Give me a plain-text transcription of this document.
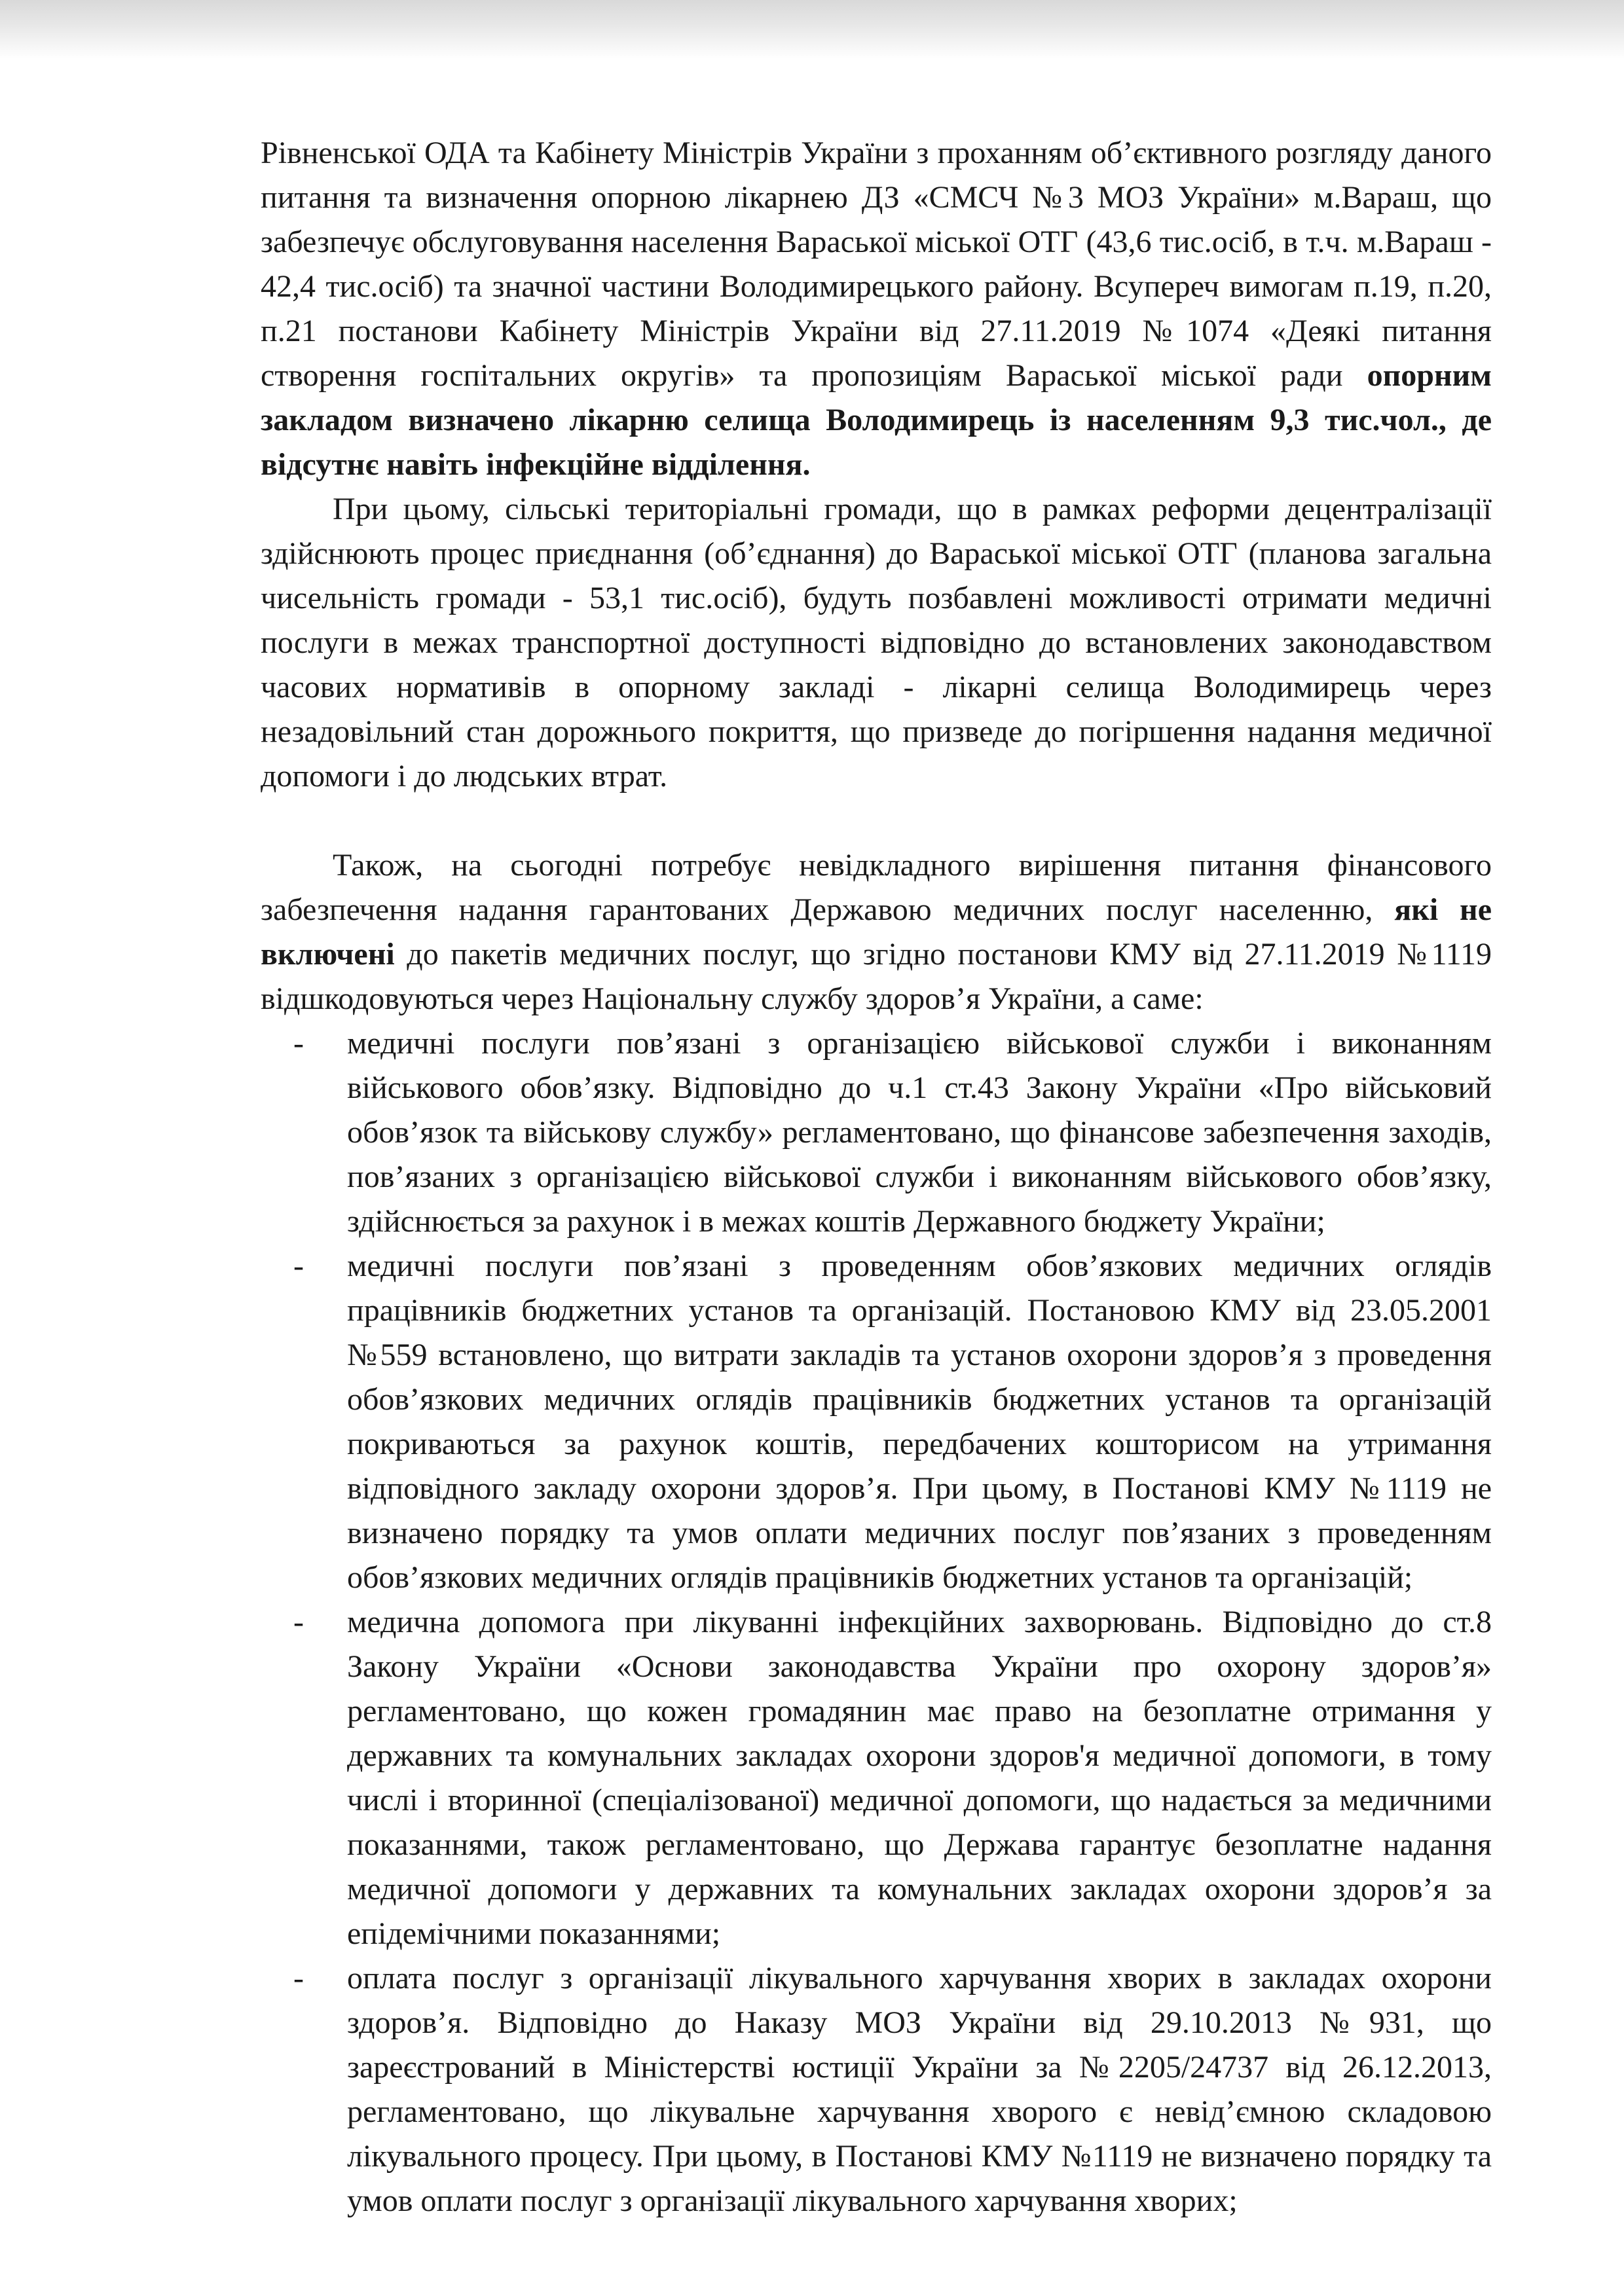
Рівненської ОДА та Кабінету Міністрів України з проханням об’єктивного розгляду даного питання та визначення опорною лікарнею ДЗ «СМСЧ №3 МОЗ України» м.Вараш, що забезпечує обслуговування населення Вараської міської ОТГ (43,6 тис.осіб, в т.ч. м.Вараш - 42,4 тис.осіб) та значної частини Володимирецького району. Всупереч вимогам п.19, п.20, п.21 постанови Кабінету Міністрів України від 27.11.2019 №1074 «Деякі питання створення госпітальних округів» та пропозиціям Вараської міської ради опорним закладом визначено лікарню селища Володимирець із населенням 9,3 тис.чол., де відсутнє навіть інфекційне відділення.

При цьому, сільські територіальні громади, що в рамках реформи децентралізації здійснюють процес приєднання (об’єднання) до Вараської міської ОТГ (планова загальна чисельність громади - 53,1 тис.осіб), будуть позбавлені можливості отримати медичні послуги в межах транспортної доступності відповідно до встановлених законодавством часових нормативів в опорному закладі - лікарні селища Володимирець через незадовільний стан дорожнього покриття, що призведе до погіршення надання медичної допомоги і до людських втрат.

Також, на сьогодні потребує невідкладного вирішення питання фінансового забезпечення надання гарантованих Державою медичних послуг населенню, які не включені до пакетів медичних послуг, що згідно постанови КМУ від 27.11.2019 №1119 відшкодовуються через Національну службу здоров’я України, а саме:

- медичні послуги пов’язані з організацією військової служби і виконанням військового обов’язку. Відповідно до ч.1 ст.43 Закону України «Про військовий обов’язок та військову службу» регламентовано, що фінансове забезпечення заходів, пов’язаних з організацією військової служби і виконанням військового обов’язку, здійснюється за рахунок і в межах коштів Державного бюджету України;
- медичні послуги пов’язані з проведенням обов’язкових медичних оглядів працівників бюджетних установ та організацій. Постановою КМУ від 23.05.2001 №559 встановлено, що витрати закладів та установ охорони здоров’я з проведення обов’язкових медичних оглядів працівників бюджетних установ та організацій покриваються за рахунок коштів, передбачених кошторисом на утримання відповідного закладу охорони здоров’я. При цьому, в Постанові КМУ №1119 не визначено порядку та умов оплати медичних послуг пов’язаних з проведенням обов’язкових медичних оглядів працівників бюджетних установ та організацій;
- медична допомога при лікуванні інфекційних захворювань. Відповідно до ст.8 Закону України «Основи законодавства України про охорону здоров’я» регламентовано, що кожен громадянин має право на безоплатне отримання у державних та комунальних закладах охорони здоров'я медичної допомоги, в тому числі і вторинної (спеціалізованої) медичної допомоги, що надається за медичними показаннями, також регламентовано, що Держава гарантує безоплатне надання медичної допомоги у державних та комунальних закладах охорони здоров’я за епідемічними показаннями;
- оплата послуг з організації лікувального харчування хворих в закладах охорони здоров’я. Відповідно до Наказу МОЗ України від 29.10.2013 №931, що зареєстрований в Міністерстві юстиції України за №2205/24737 від 26.12.2013, регламентовано, що лікувальне харчування хворого є невід’ємною складовою лікувального процесу. При цьому, в Постанові КМУ №1119 не визначено порядку та умов оплати послуг з організації лікувального харчування хворих;
